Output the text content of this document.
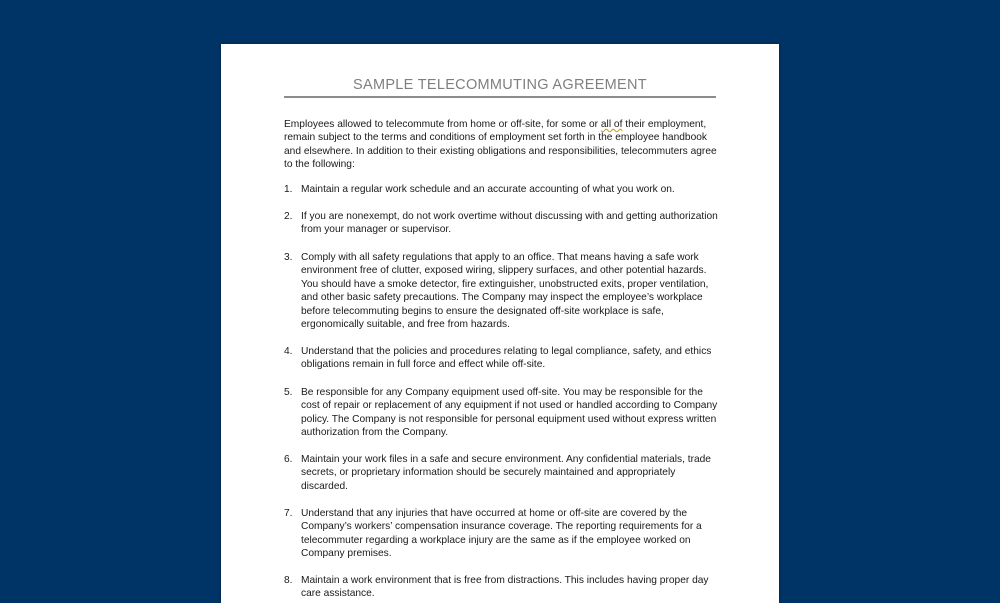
SAMPLE TELECOMMUTING AGREEMENT
Employees allowed to telecommute from home or off-site, for some or all of their employment, remain subject to the terms and conditions of employment set forth in the employee handbook and elsewhere. In addition to their existing obligations and responsibilities, telecommuters agree to the following:
1. Maintain a regular work schedule and an accurate accounting of what you work on.
2. If you are nonexempt, do not work overtime without discussing with and getting authorization from your manager or supervisor.
3. Comply with all safety regulations that apply to an office. That means having a safe work environment free of clutter, exposed wiring, slippery surfaces, and other potential hazards. You should have a smoke detector, fire extinguisher, unobstructed exits, proper ventilation, and other basic safety precautions. The Company may inspect the employee’s workplace before telecommuting begins to ensure the designated off-site workplace is safe, ergonomically suitable, and free from hazards.
4. Understand that the policies and procedures relating to legal compliance, safety, and ethics obligations remain in full force and effect while off-site.
5. Be responsible for any Company equipment used off-site. You may be responsible for the cost of repair or replacement of any equipment if not used or handled according to Company policy. The Company is not responsible for personal equipment used without express written authorization from the Company.
6. Maintain your work files in a safe and secure environment. Any confidential materials, trade secrets, or proprietary information should be securely maintained and appropriately discarded.
7. Understand that any injuries that have occurred at home or off-site are covered by the Company’s workers’ compensation insurance coverage. The reporting requirements for a telecommuter regarding a workplace injury are the same as if the employee worked on Company premises.
8. Maintain a work environment that is free from distractions. This includes having proper day care assistance.
